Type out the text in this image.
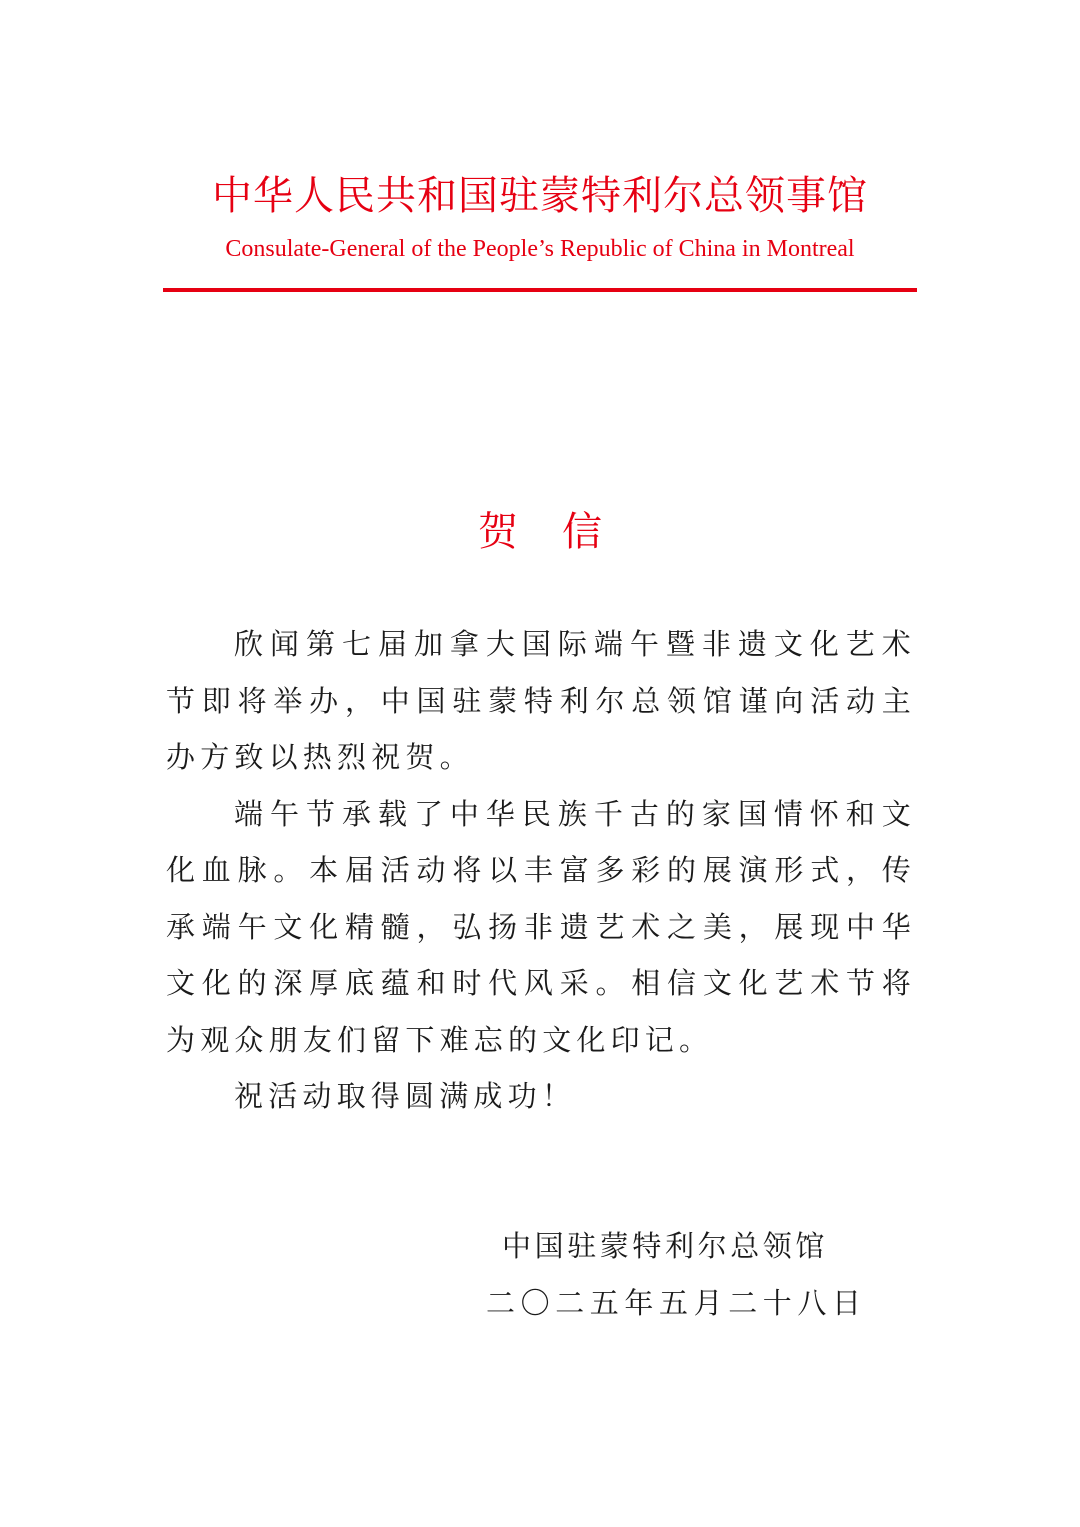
中华人民共和国驻蒙特利尔总领事馆
Consulate-General of the People’s Republic of China in Montreal
贺 信

欣闻第七届加拿大国际端午暨非遗文化艺术节即将举办，中国驻蒙特利尔总领馆谨向活动主办方致以热烈祝贺。

端午节承载了中华民族千古的家国情怀和文化血脉。本届活动将以丰富多彩的展演形式，传承端午文化精髓，弘扬非遗艺术之美，展现中华文化的深厚底蕴和时代风采。相信文化艺术节将为观众朋友们留下难忘的文化印记。

祝活动取得圆满成功！

中国驻蒙特利尔总领馆
二〇二五年五月二十八日
